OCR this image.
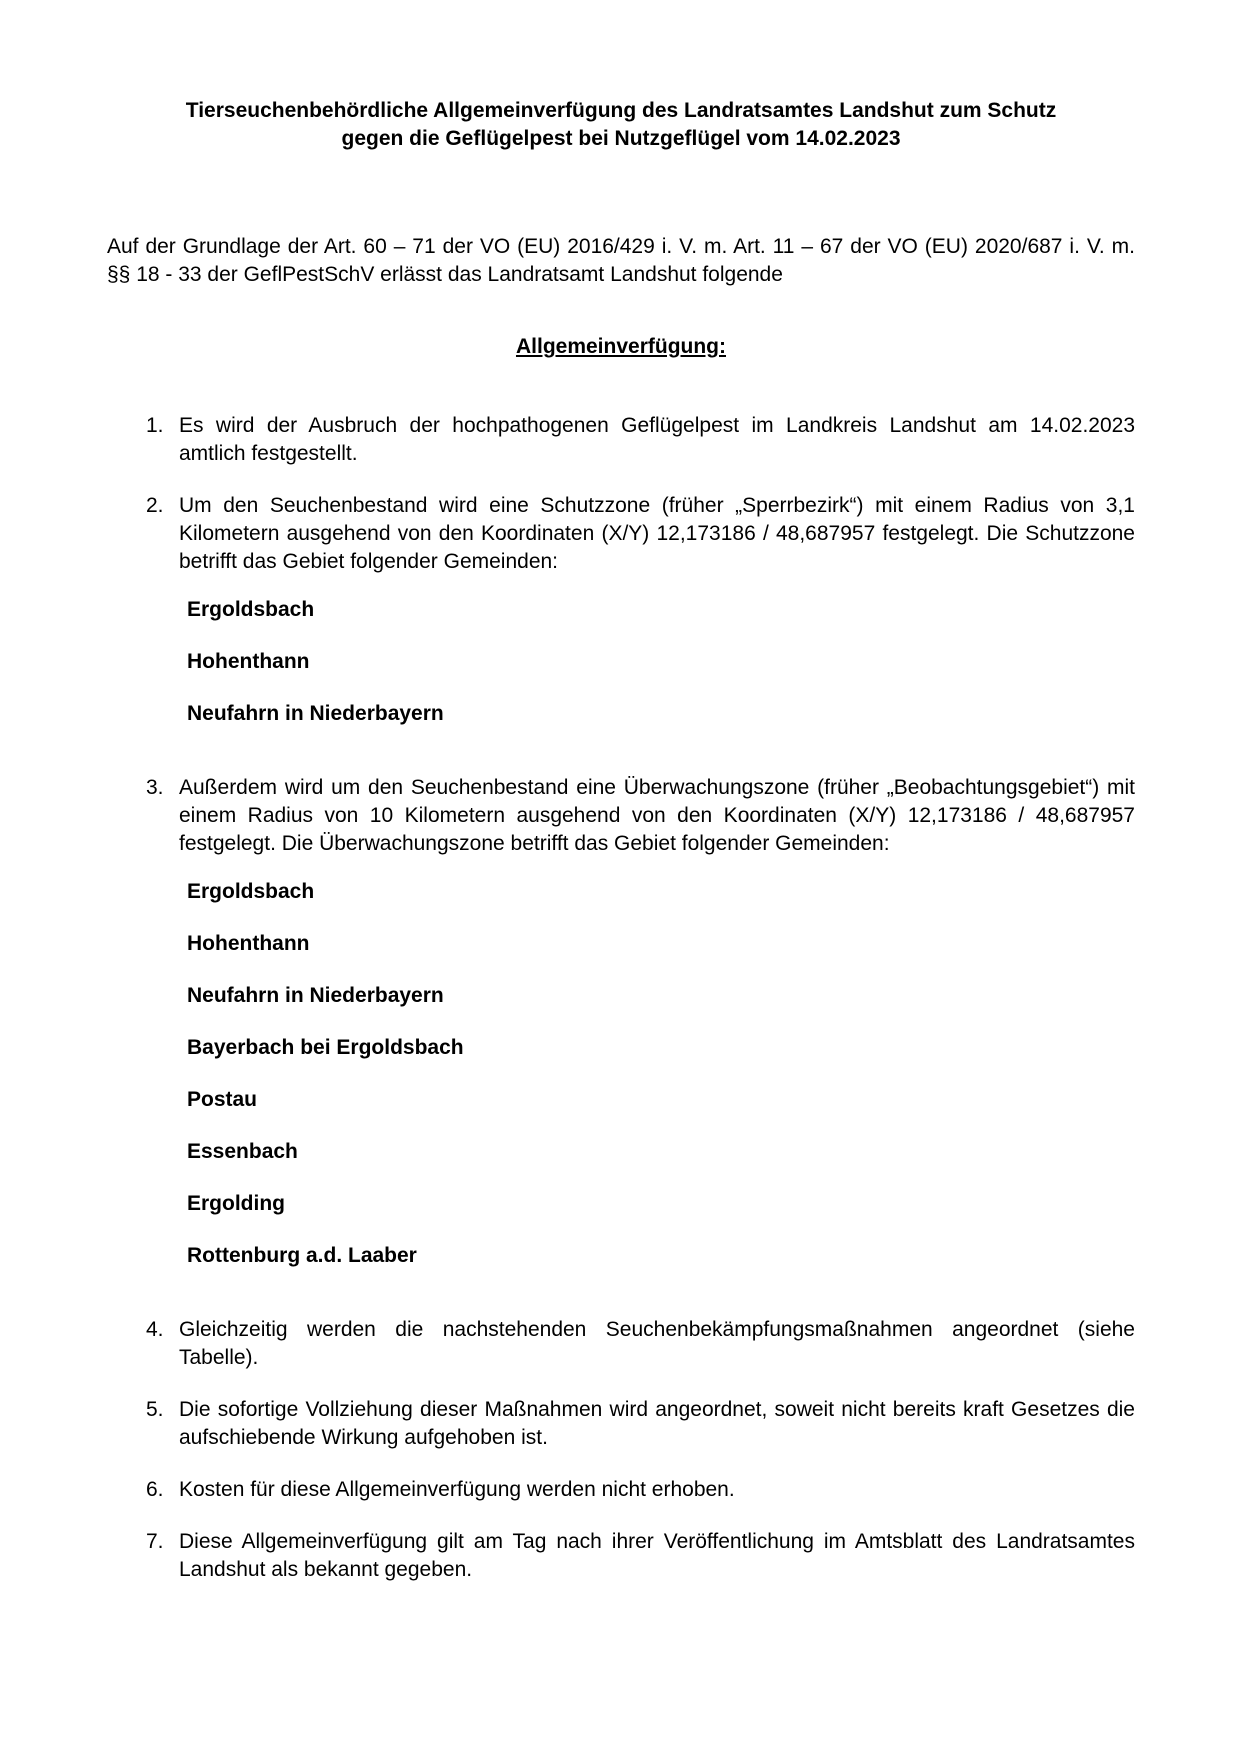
Tierseuchenbehördliche Allgemeinverfügung des Landratsamtes Landshut zum Schutz
gegen die Geflügelpest bei Nutzgeflügel vom 14.02.2023

Auf der Grundlage der Art. 60 – 71 der VO (EU) 2016/429 i. V. m. Art. 11 – 67 der VO (EU) 2020/687 i. V. m. §§ 18 - 33 der GeflPestSchV erlässt das Landratsamt Landshut folgende

Allgemeinverfügung:
1. Es wird der Ausbruch der hochpathogenen Geflügelpest im Landkreis Landshut am 14.02.2023 amtlich festgestellt.

2. Um den Seuchenbestand wird eine Schutzzone (früher „Sperrbezirk“) mit einem Radius von 3,1 Kilometern ausgehend von den Koordinaten (X/Y) 12,173186 / 48,687957 festgelegt. Die Schutzzone betrifft das Gebiet folgender Gemeinden:

Ergoldsbach
Hohenthann
Neufahrn in Niederbayern
3. Außerdem wird um den Seuchenbestand eine Überwachungszone (früher „Beobachtungsgebiet“) mit einem Radius von 10 Kilometern ausgehend von den Koordinaten (X/Y) 12,173186 / 48,687957 festgelegt. Die Überwachungszone betrifft das Gebiet folgender Gemeinden:

Ergoldsbach
Hohenthann
Neufahrn in Niederbayern
Bayerbach bei Ergoldsbach
Postau
Essenbach
Ergolding
Rottenburg a.d. Laaber
4. Gleichzeitig werden die nachstehenden Seuchenbekämpfungsmaßnahmen angeordnet (siehe Tabelle).

5. Die sofortige Vollziehung dieser Maßnahmen wird angeordnet, soweit nicht bereits kraft Gesetzes die aufschiebende Wirkung aufgehoben ist.

6. Kosten für diese Allgemeinverfügung werden nicht erhoben.

7. Diese Allgemeinverfügung gilt am Tag nach ihrer Veröffentlichung im Amtsblatt des Landratsamtes Landshut als bekannt gegeben.
